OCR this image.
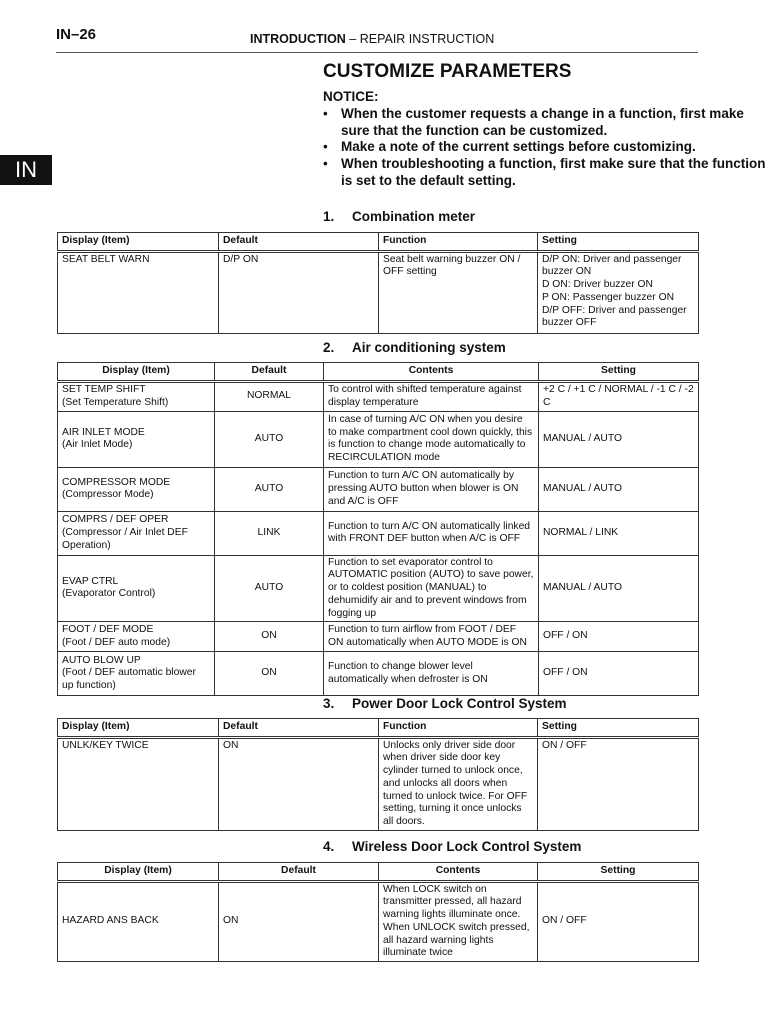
IN–26	INTRODUCTION – REPAIR INSTRUCTION
IN
CUSTOMIZE PARAMETERS
NOTICE:
• When the customer requests a change in a function, first make sure that the function can be customized.
• Make a note of the current settings before customizing.
• When troubleshooting a function, first make sure that the function is set to the default setting.
1. Combination meter
Display (Item)	Default	Function	Setting
SEAT BELT WARN	D/P ON	Seat belt warning buzzer ON / OFF setting	D/P ON: Driver and passenger buzzer ON
D ON: Driver buzzer ON
P ON: Passenger buzzer ON
D/P OFF: Driver and passenger buzzer OFF
2. Air conditioning system
Display (Item)	Default	Contents	Setting
SET TEMP SHIFT
(Set Temperature Shift)	NORMAL	To control with shifted temperature against display temperature	+2 C / +1 C / NORMAL / -1 C / -2 C
AIR INLET MODE
(Air Inlet Mode)	AUTO	In case of turning A/C ON when you desire to make compartment cool down quickly, this is function to change mode automatically to RECIRCULATION mode	MANUAL / AUTO
COMPRESSOR MODE
(Compressor Mode)	AUTO	Function to turn A/C ON automatically by pressing AUTO button when blower is ON and A/C is OFF	MANUAL / AUTO
COMPRS / DEF OPER
(Compressor / Air Inlet DEF Operation)	LINK	Function to turn A/C ON automatically linked with FRONT DEF button when A/C is OFF	NORMAL / LINK
EVAP CTRL
(Evaporator Control)	AUTO	Function to set evaporator control to AUTOMATIC position (AUTO) to save power, or to coldest position (MANUAL) to dehumidify air and to prevent windows from fogging up	MANUAL / AUTO
FOOT / DEF MODE
(Foot / DEF auto mode)	ON	Function to turn airflow from FOOT / DEF ON automatically when AUTO MODE is ON	OFF / ON
AUTO BLOW UP
(Foot / DEF automatic blower up function)	ON	Function to change blower level automatically when defroster is ON	OFF / ON
3. Power Door Lock Control System
Display (Item)	Default	Function	Setting
UNLK/KEY TWICE	ON	Unlocks only driver side door when driver side door key cylinder turned to unlock once, and unlocks all doors when turned to unlock twice. For OFF setting, turning it once unlocks all doors.	ON / OFF
4. Wireless Door Lock Control System
Display (Item)	Default	Contents	Setting
HAZARD ANS BACK	ON	When LOCK switch on transmitter pressed, all hazard warning lights illuminate once. When UNLOCK switch pressed, all hazard warning lights illuminate twice	ON / OFF
